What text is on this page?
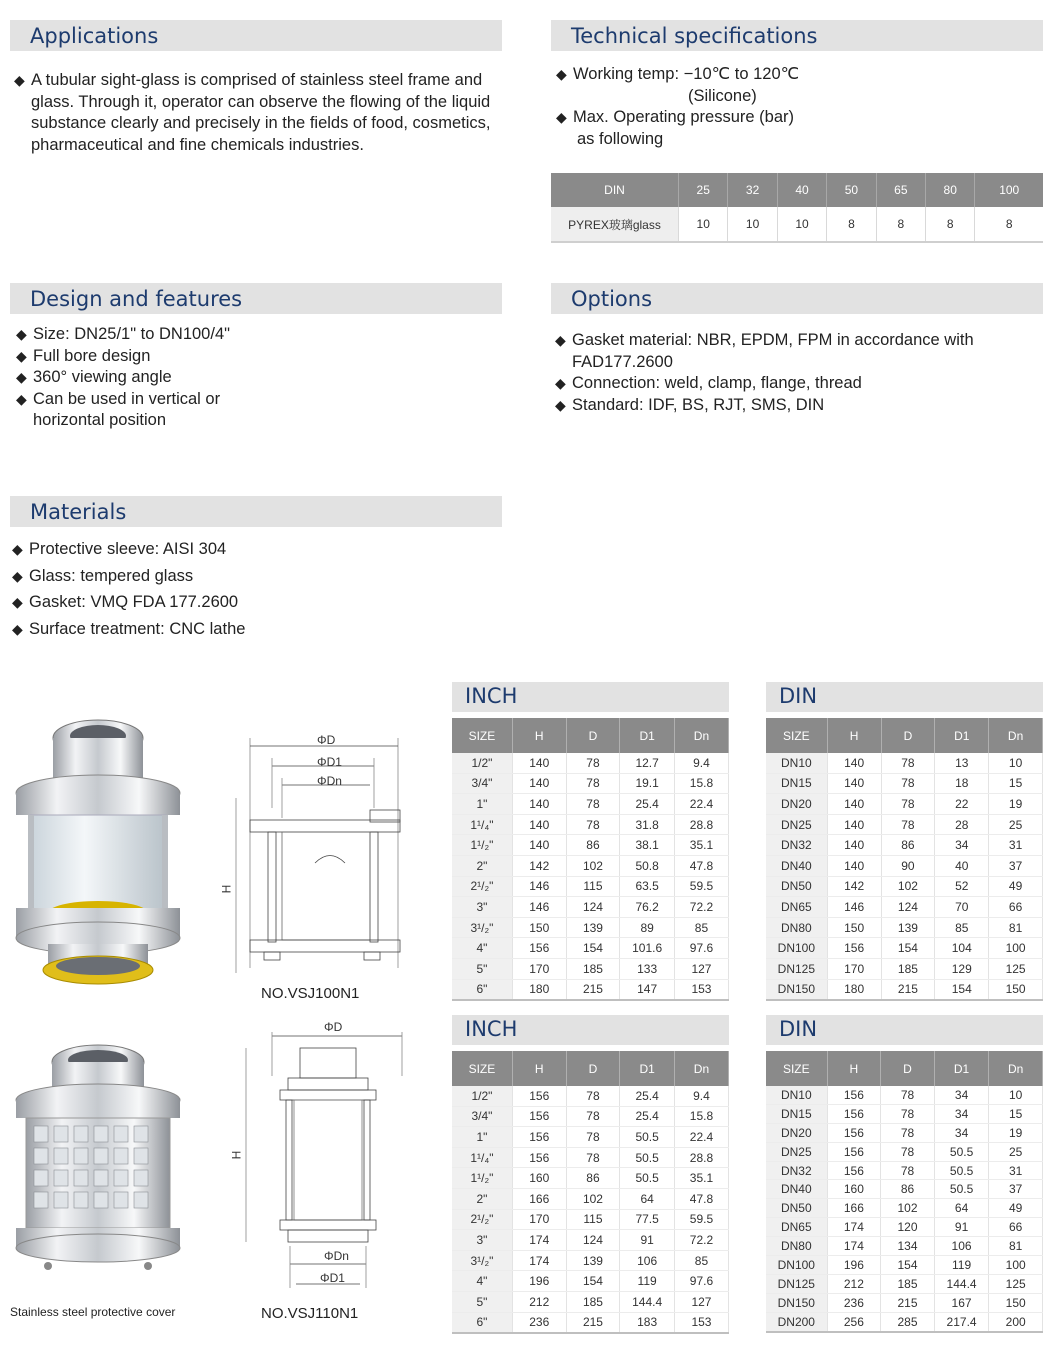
Applications
◆ A tubular sight-glass is comprised of stainless steel frame and glass. Through it, operator can observe the flowing of the liquid substance clearly and precisely in the fields of food, cosmetics, pharmaceutical and fine chemicals industries.
Technical specifications
◆ Working temp: −10℃ to 120℃
(Silicone)
◆ Max. Operating pressure (bar)
as following
DIN	25	32	40	50	65	80	100
PYREX玻璃glass	10	10	10	8	8	8	8
Design and features
◆ Size: DN25/1" to DN100/4"
◆ Full bore design
◆ 360° viewing angle
◆ Can be used in vertical or
horizontal position
Options
◆ Gasket material: NBR, EPDM, FPM in accordance with
FAD177.2600
◆ Connection: weld, clamp, flange, thread
◆ Standard: IDF, BS, RJT, SMS, DIN
Materials
◆ Protective sleeve: AISI 304
◆ Glass: tempered glass
◆ Gasket: VMQ FDA 177.2600
◆ Surface treatment: CNC lathe
ΦD
ΦD1
ΦDn
H
NO.VSJ100N1
Stainless steel protective cover
ΦD
ΦDn
ΦD1
H
NO.VSJ110N1
INCH	DIN
INCH	DIN
SIZE	H	D	D1	Dn
1/2"	140	78	12.7	9.4
3/4"	140	78	19.1	15.8
1"	140	78	25.4	22.4
1¹/₄"	140	78	31.8	28.8
1¹/₂"	140	86	38.1	35.1
2"	142	102	50.8	47.8
2¹/₂"	146	115	63.5	59.5
3"	146	124	76.2	72.2
3¹/₂"	150	139	89	85
4"	156	154	101.6	97.6
5"	170	185	133	127
6"	180	215	147	153
SIZE	H	D	D1	Dn
DN10	140	78	13	10
DN15	140	78	18	15
DN20	140	78	22	19
DN25	140	78	28	25
DN32	140	86	34	31
DN40	140	90	40	37
DN50	142	102	52	49
DN65	146	124	70	66
DN80	150	139	85	81
DN100	156	154	104	100
DN125	170	185	129	125
DN150	180	215	154	150
SIZE	H	D	D1	Dn
1/2"	156	78	25.4	9.4
3/4"	156	78	25.4	15.8
1"	156	78	50.5	22.4
1¹/₄"	156	78	50.5	28.8
1¹/₂"	160	86	50.5	35.1
2"	166	102	64	47.8
2¹/₂"	170	115	77.5	59.5
3"	174	124	91	72.2
3¹/₂"	174	139	106	85
4"	196	154	119	97.6
5"	212	185	144.4	127
6"	236	215	183	153
SIZE	H	D	D1	Dn
DN10	156	78	34	10
DN15	156	78	34	15
DN20	156	78	34	19
DN25	156	78	50.5	25
DN32	156	78	50.5	31
DN40	160	86	50.5	37
DN50	166	102	64	49
DN65	174	120	91	66
DN80	174	134	106	81
DN100	196	154	119	100
DN125	212	185	144.4	125
DN150	236	215	167	150
DN200	256	285	217.4	200
